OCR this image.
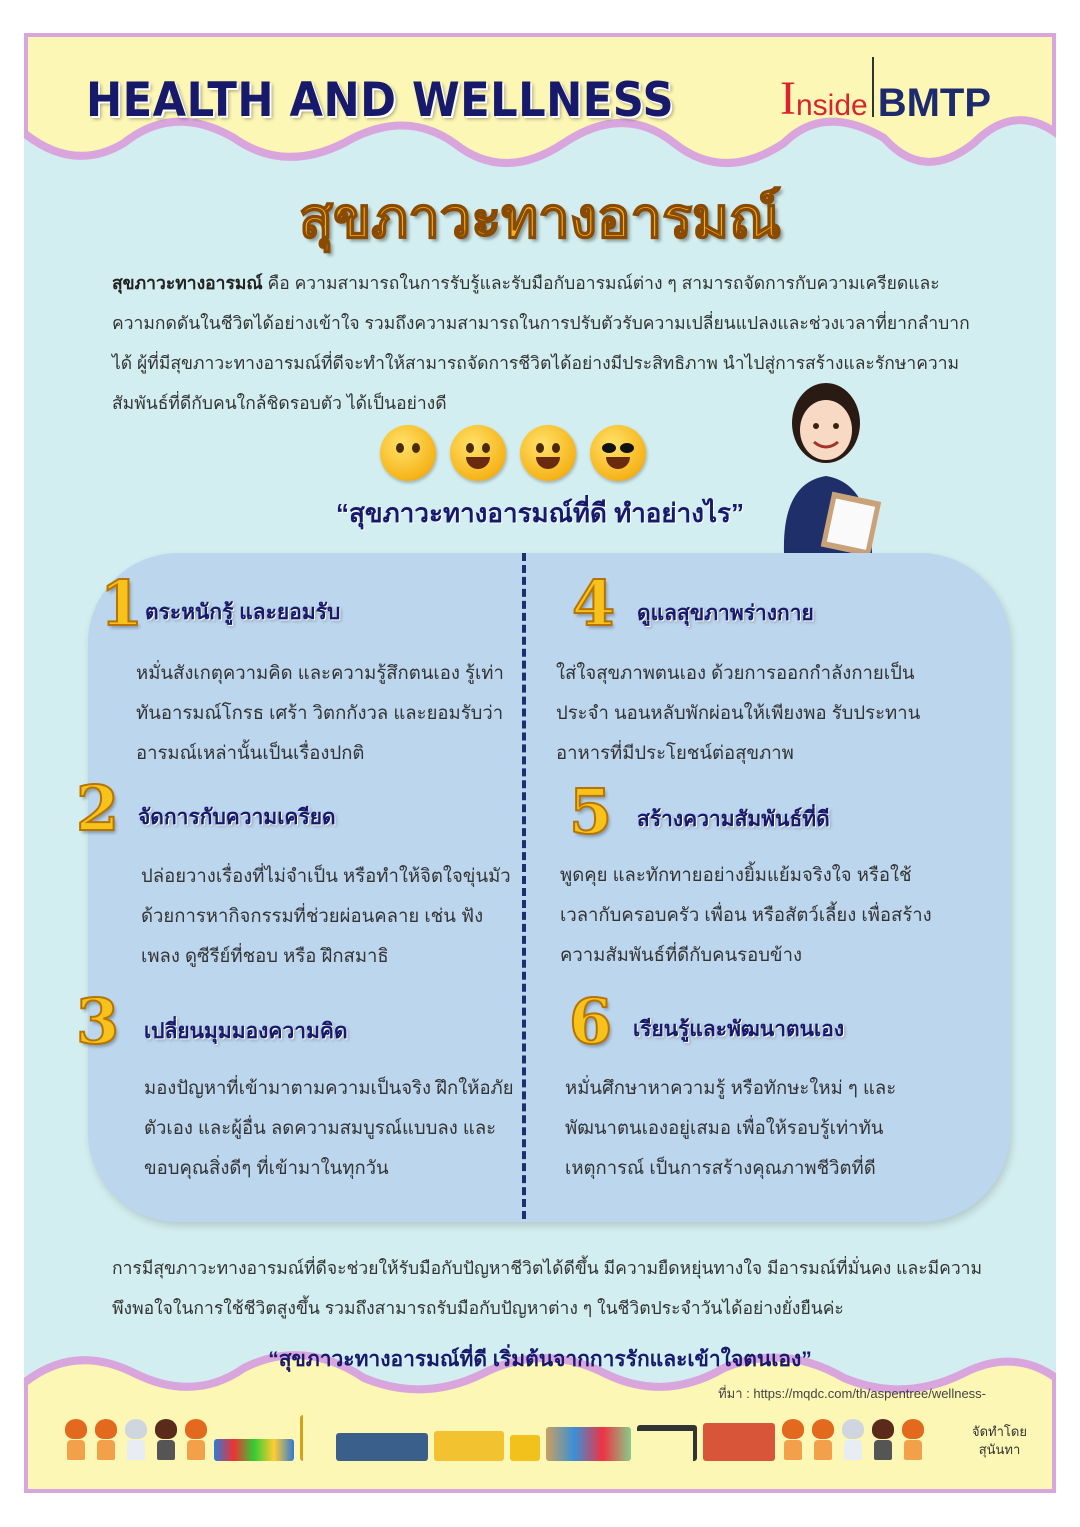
HEALTH AND WELLNESS I nside BMTP
สุขภาวะทางอารมณ์
สุขภาวะทางอารมณ์ คือ ความสามารถในการรับรู้และรับมือกับอารมณ์ต่าง ๆ สามารถจัดการกับความเครียดและความกดดันในชีวิตได้อย่างเข้าใจ รวมถึงความสามารถในการปรับตัวรับความเปลี่ยนแปลงและช่วงเวลาที่ยากลำบากได้ ผู้ที่มีสุขภาวะทางอารมณ์ที่ดีจะทำให้สามารถจัดการชีวิตได้อย่างมีประสิทธิภาพ นำไปสู่การสร้างและรักษาความสัมพันธ์ที่ดีกับคนใกล้ชิดรอบตัว ได้เป็นอย่างดี
“สุขภาวะทางอารมณ์ที่ดี ทำอย่างไร”
1 ตระหนักรู้ และยอมรับ
หมั่นสังเกตุความคิด และความรู้สึกตนเอง รู้เท่าทันอารมณ์โกรธ เศร้า วิตกกังวล และยอมรับว่าอารมณ์เหล่านั้นเป็นเรื่องปกติ
2 จัดการกับความเครียด
ปล่อยวางเรื่องที่ไม่จำเป็น หรือทำให้จิตใจขุ่นมัว ด้วยการหากิจกรรมที่ช่วยผ่อนคลาย เช่น ฟังเพลง ดูซีรีย์ที่ชอบ หรือ ฝึกสมาธิ
3 เปลี่ยนมุมมองความคิด
มองปัญหาที่เข้ามาตามความเป็นจริง ฝึกให้อภัยตัวเอง และผู้อื่น ลดความสมบูรณ์แบบลง และขอบคุณสิ่งดีๆ ที่เข้ามาในทุกวัน
4 ดูแลสุขภาพร่างกาย
ใส่ใจสุขภาพตนเอง ด้วยการออกกำลังกายเป็นประจำ นอนหลับพักผ่อนให้เพียงพอ รับประทานอาหารที่มีประโยชน์ต่อสุขภาพ
5 สร้างความสัมพันธ์ที่ดี
พูดคุย และทักทายอย่างยิ้มแย้มจริงใจ หรือใช้เวลากับครอบครัว เพื่อน หรือสัตว์เลี้ยง เพื่อสร้างความสัมพันธ์ที่ดีกับคนรอบข้าง
6 เรียนรู้และพัฒนาตนเอง
หมั่นศึกษาหาความรู้ หรือทักษะใหม่ ๆ และพัฒนาตนเองอยู่เสมอ เพื่อให้รอบรู้เท่าทันเหตุการณ์ เป็นการสร้างคุณภาพชีวิตที่ดี
การมีสุขภาวะทางอารมณ์ที่ดีจะช่วยให้รับมือกับปัญหาชีวิตได้ดีขึ้น มีความยืดหยุ่นทางใจ มีอารมณ์ที่มั่นคง และมีความพึงพอใจในการใช้ชีวิตสูงขึ้น รวมถึงสามารถรับมือกับปัญหาต่าง ๆ ในชีวิตประจำวันได้อย่างยั่งยืนค่ะ
“สุขภาวะทางอารมณ์ที่ดี เริ่มต้นจากการรักและเข้าใจตนเอง”
ที่มา : https://mqdc.com/th/aspentree/wellness-
จัดทำโดย
สุนันทา
